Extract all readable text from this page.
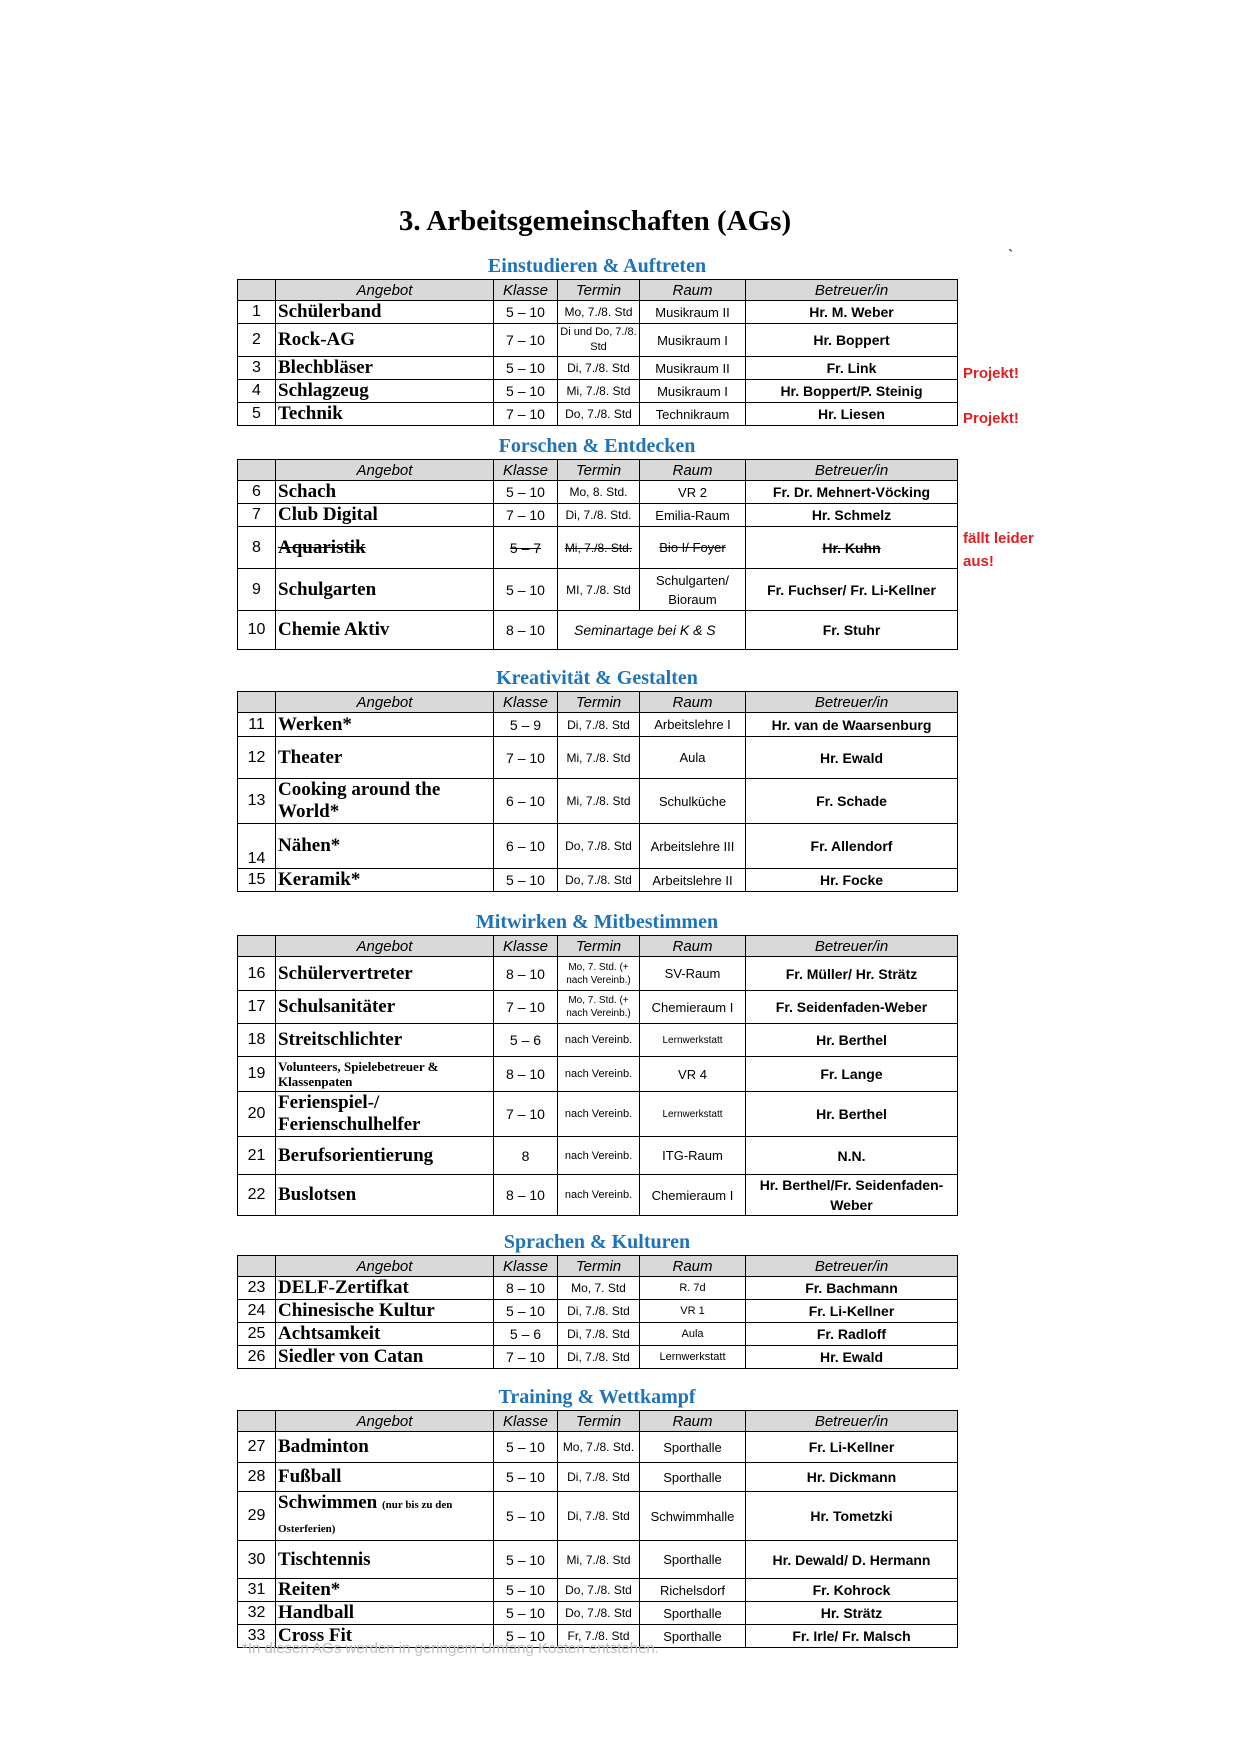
3. Arbeitsgemeinschaften (AGs)
`
Einstudieren & Auftreten
	Angebot	Klasse	Termin	Raum	Betreuer/in
1	Schülerband	5 – 10	Mo, 7./8. Std	Musikraum II	Hr. M. Weber
2	Rock-AG	7 – 10	Di und Do, 7./8. Std	Musikraum I	Hr. Boppert
3	Blechbläser	5 – 10	Di, 7./8. Std	Musikraum II	Fr. Link
4	Schlagzeug	5 – 10	Mi, 7./8. Std	Musikraum I	Hr. Boppert/P. Steinig
5	Technik	7 – 10	Do, 7./8. Std	Technikraum	Hr. Liesen
Projekt!
Projekt!
Forschen & Entdecken
	Angebot	Klasse	Termin	Raum	Betreuer/in
6	Schach	5 – 10	Mo, 8. Std.	VR 2	Fr. Dr. Mehnert-Vöcking
7	Club Digital	7 – 10	Di, 7./8. Std.	Emilia-Raum	Hr. Schmelz
8	Aquaristik	5 – 7	Mi, 7./8. Std.	Bio I/ Foyer	Hr. Kuhn
9	Schulgarten	5 – 10	MI, 7./8. Std	Schulgarten/ Bioraum	Fr. Fuchser/ Fr. Li-Kellner
10	Chemie Aktiv	8 – 10	Seminartage bei K & S		Fr. Stuhr
fällt leider aus!
Kreativität & Gestalten
	Angebot	Klasse	Termin	Raum	Betreuer/in
11	Werken*	5 – 9	Di, 7./8. Std	Arbeitslehre I	Hr. van de Waarsenburg
12	Theater	7 – 10	Mi, 7./8. Std	Aula	Hr. Ewald
13	Cooking around the World*	6 – 10	Mi, 7./8. Std	Schulküche	Fr. Schade
14	Nähen*	6 – 10	Do, 7./8. Std	Arbeitslehre III	Fr. Allendorf
15	Keramik*	5 – 10	Do, 7./8. Std	Arbeitslehre II	Hr. Focke
Mitwirken & Mitbestimmen
	Angebot	Klasse	Termin	Raum	Betreuer/in
16	Schülervertreter	8 – 10	Mo, 7. Std. (+ nach Vereinb.)	SV-Raum	Fr. Müller/ Hr. Strätz
17	Schulsanitäter	7 – 10	Mo, 7. Std. (+ nach Vereinb.)	Chemieraum I	Fr. Seidenfaden-Weber
18	Streitschlichter	5 – 6	nach Vereinb.	Lernwerkstatt	Hr. Berthel
19	Volunteers, Spielebetreuer & Klassenpaten	8 – 10	nach Vereinb.	VR 4	Fr. Lange
20	Ferienspiel-/ Ferienschulhelfer	7 – 10	nach Vereinb.	Lernwerkstatt	Hr. Berthel
21	Berufsorientierung	8	nach Vereinb.	ITG-Raum	N.N.
22	Buslotsen	8 – 10	nach Vereinb.	Chemieraum I	Hr. Berthel/Fr. Seidenfaden-Weber
Sprachen & Kulturen
	Angebot	Klasse	Termin	Raum	Betreuer/in
23	DELF-Zertifkat	8 – 10	Mo, 7. Std	R. 7d	Fr. Bachmann
24	Chinesische Kultur	5 – 10	Di, 7./8. Std	VR 1	Fr. Li-Kellner
25	Achtsamkeit	5 – 6	Di, 7./8. Std	Aula	Fr. Radloff
26	Siedler von Catan	7 – 10	Di, 7./8. Std	Lernwerkstatt	Hr. Ewald
Training & Wettkampf
	Angebot	Klasse	Termin	Raum	Betreuer/in
27	Badminton	5 – 10	Mo, 7./8. Std.	Sporthalle	Fr. Li-Kellner
28	Fußball	5 – 10	Di, 7./8. Std	Sporthalle	Hr. Dickmann
29	Schwimmen (nur bis zu den Osterferien)	5 – 10	Di, 7./8. Std	Schwimmhalle	Hr. Tometzki
30	Tischtennis	5 – 10	Mi, 7./8. Std	Sporthalle	Hr. Dewald/ D. Hermann
31	Reiten*	5 – 10	Do, 7./8. Std	Richelsdorf	Fr. Kohrock
32	Handball	5 – 10	Do, 7./8. Std	Sporthalle	Hr. Strätz
33	Cross Fit	5 – 10	Fr, 7./8. Std	Sporthalle	Fr. Irle/ Fr. Malsch
*In diesen AGs werden in geringem Umfang Kosten entstehen.
